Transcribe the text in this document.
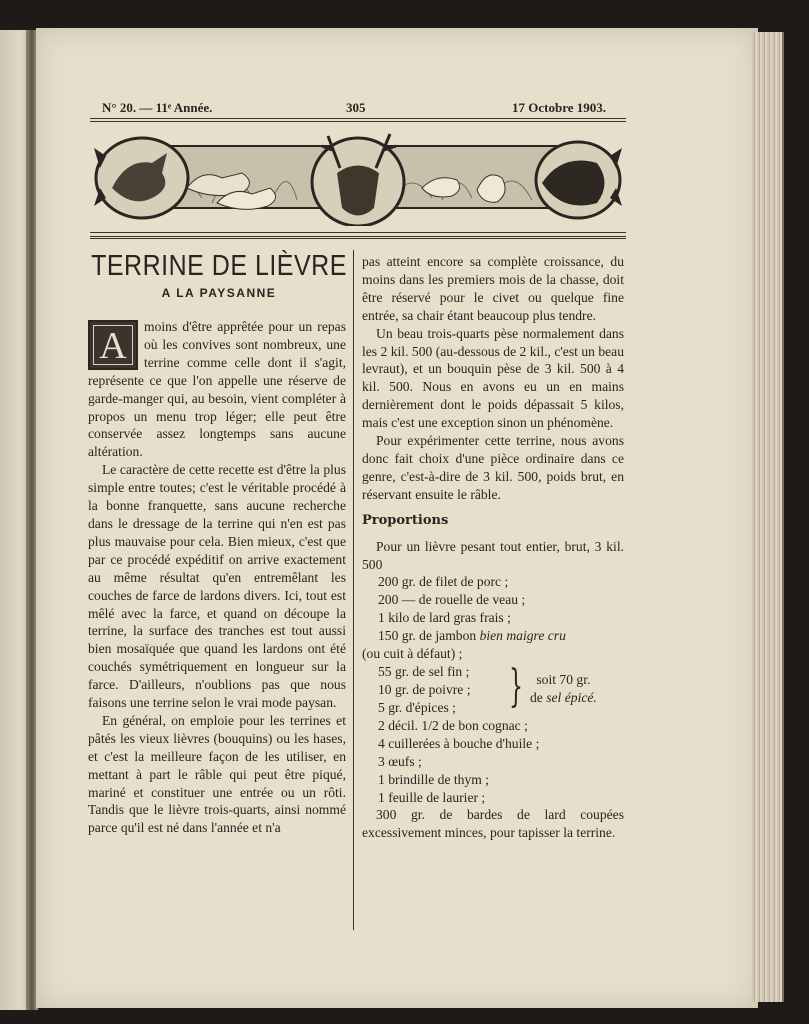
N° 20. — 11ᵉ Année.	305	17 Octobre 1903.
TERRINE DE LIÈVRE
A LA PAYSANNE

A	moins d'être apprêtée pour un repas où les convives sont nombreux, une terrine comme celle dont il s'agit, représente ce que l'on appelle une réserve de garde-manger qui, au besoin, vient compléter à propos un menu trop léger; elle peut être conservée assez longtemps sans aucune altération.

Le caractère de cette recette est d'être la plus simple entre toutes; c'est le véritable procédé à la bonne franquette, sans aucune recherche dans le dressage de la terrine qui n'en est pas plus mauvaise pour cela. Bien mieux, c'est que par ce procédé expéditif on arrive exactement au même résultat qu'en entremêlant les couches de farce de lardons divers. Ici, tout est mêlé avec la farce, et quand on découpe la terrine, la surface des tranches est tout aussi bien mosaïquée que quand les lardons ont été couchés symétriquement en longueur sur la farce. D'ailleurs, n'oublions pas que nous faisons une terrine selon le vrai mode paysan.

En général, on emploie pour les terrines et pâtés les vieux lièvres (bouquins) ou les hases, et c'est la meilleure façon de les utiliser, en mettant à part le râble qui peut être piqué, mariné et constituer une entrée ou un rôti. Tandis que le lièvre trois-quarts, ainsi nommé parce qu'il est né dans l'année et n'a

pas atteint encore sa complète croissance, du moins dans les premiers mois de la chasse, doit être réservé pour le civet ou quelque fine entrée, sa chair étant beaucoup plus tendre.

Un beau trois-quarts pèse normalement dans les 2 kil. 500 (au-dessous de 2 kil., c'est un beau levraut), et un bouquin pèse de 3 kil. 500 à 4 kil. 500. Nous en avons eu un en mains dernièrement dont le poids dépassait 5 kilos, mais c'est une exception sinon un phénomène.

Pour expérimenter cette terrine, nous avons donc fait choix d'une pièce ordinaire dans ce genre, c'est-à-dire de 3 kil. 500, poids brut, en réservant ensuite le râble.

Proportions

Pour un lièvre pesant tout entier, brut, 3 kil. 500

200 gr. de filet de porc ;

200 — de rouelle de veau ;

1 kilo de lard gras frais ;

150 gr. de jambon bien maigre cru

(ou cuit à défaut) ;

55 gr. de sel fin ;
10 gr. de poivre ;
5 gr. d'épices ; } soit 70 gr.
de sel épicé.

2 décil. 1/2 de bon cognac ;

4 cuillerées à bouche d'huile ;

3 œufs ;

1 brindille de thym ;

1 feuille de laurier ;

300 gr. de bardes de lard coupées excessivement minces, pour tapisser la terrine.
